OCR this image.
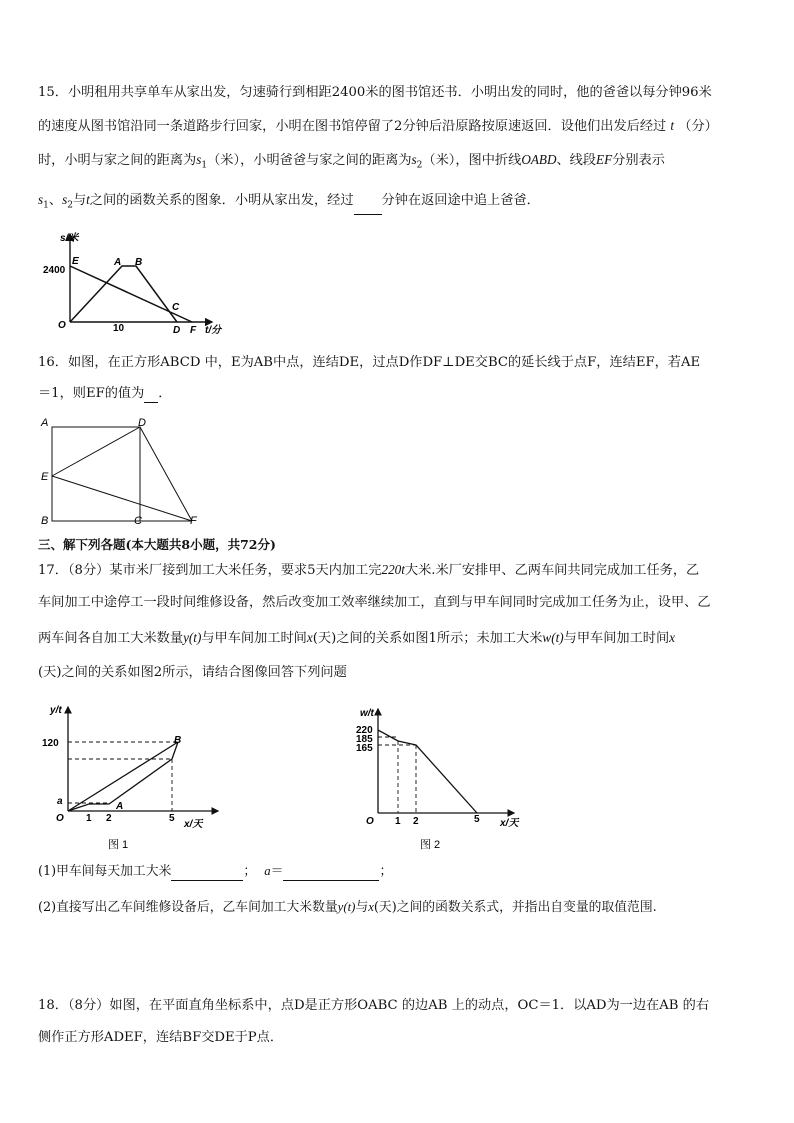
15．小明租用共享单车从家出发，匀速骑行到相距2400米的图书馆还书．小明出发的同时，他的爸爸以每分钟96米
的速度从图书馆沿同一条道路步行回家，小明在图书馆停留了2分钟后沿原路按原速返回．设他们出发后经过 t （分）
时，小明与家之间的距离为$s_1$（米），小明爸爸与家之间的距离为$s_2$（米），图中折线OABD、线段EF分别表示
$s_1$、$s_2$与t之间的函数关系的图象．小明从家出发，经过 分钟在返回途中追上爸爸．
s/米
2400
E	A B
C
O	10	D F t/分
16．如图，在正方形ABCD 中，E为AB中点，连结DE，过点D作DF⊥DE交BC的延长线于点F，连结EF，若AE
＝1，则EF的值为 ．
A	D
E
B	C	F
三、解下列各题(本大题共8小题，共72分)
17．（8分）某市米厂接到加工大米任务，要求5天内加工完220t大米.米厂安排甲、乙两车间共同完成加工任务，乙
车间加工中途停工一段时间维修设备，然后改变加工效率继续加工，直到与甲车间同时完成加工任务为止，设甲、乙
两车间各自加工大米数量y(t)与甲车间加工时间x(天)之间的关系如图1所示；未加工大米w(t)与甲车间加工时间x
(天)之间的关系如图2所示，请结合图像回答下列问题
y/t
120
a
O 1 2
A
5
x/天
B
图 1
w/t
220
185
165
O 1 2	5 x/天
图 2
(1)甲车间每天加工大米	； a＝	；
(2)直接写出乙车间维修设备后，乙车间加工大米数量y(t)与x(天)之间的函数关系式，并指出自变量的取值范围.
18．（8分）如图，在平面直角坐标系中，点D是正方形OABC 的边AB 上的动点，OC＝1．以AD为一边在AB 的右
侧作正方形ADEF，连结BF交DE于P点．
